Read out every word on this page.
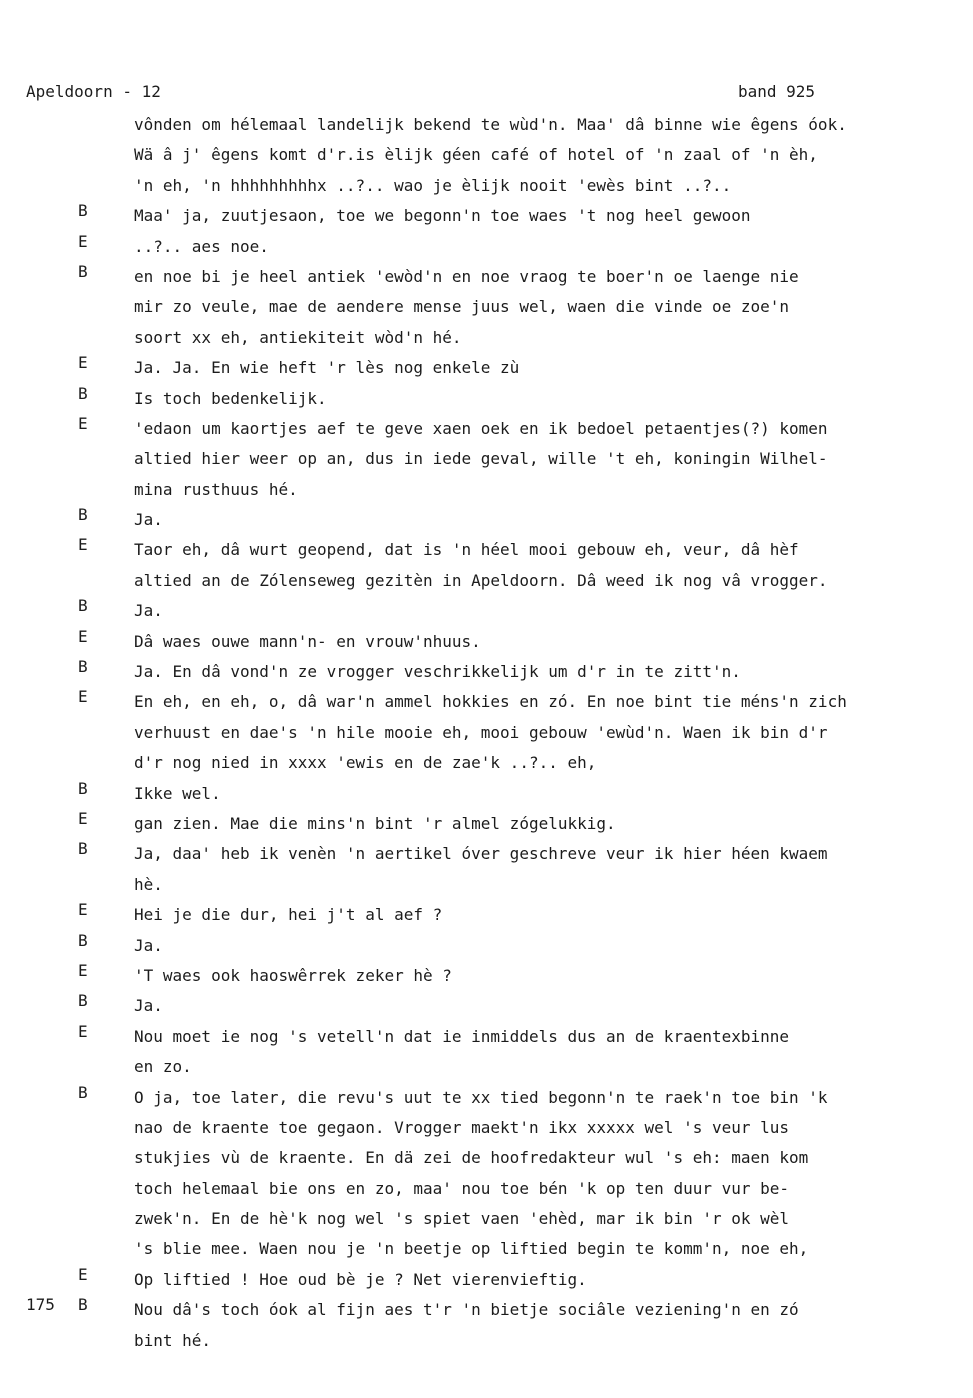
Apeldoorn - 12	band 925
vônden om hélemaal landelijk bekend te wùd'n. Maa' dâ binne wie êgens óok.
Wä â j' êgens komt d'r.is èlijk géen café of hotel of 'n zaal of 'n èh,
'n eh, 'n hhhhhhhhhx ..?.. wao je èlijk nooit 'ewès bint ..?..
B	Maa' ja, zuutjesaon, toe we begonn'n toe waes 't nog heel gewoon
E	..?.. aes noe.
B	en noe bi je heel antiek 'ewòd'n en noe vraog te boer'n oe laenge nie
mir zo veule, mae de aendere mense juus wel, waen die vinde oe zoe'n
soort xx eh, antiekiteit wòd'n hé.
E	Ja. Ja. En wie heft 'r lès nog enkele zù
B	Is toch bedenkelijk.
E	'edaon um kaortjes aef te geve xaen oek en ik bedoel petaentjes(?) komen
altied hier weer op an, dus in iede geval, wille 't eh, koningin Wilhel-
mina rusthuus hé.
B	Ja.
E	Taor eh, dâ wurt geopend, dat is 'n héel mooi gebouw eh, veur, dâ hèf
altied an de Zólenseweg gezitèn in Apeldoorn. Dâ weed ik nog vâ vrogger.
B	Ja.
E	Dâ waes ouwe mann'n- en vrouw'nhuus.
B	Ja. En dâ vond'n ze vrogger veschrikkelijk um d'r in te zitt'n.
E	En eh, en eh, o, dâ war'n ammel hokkies en zó. En noe bint tie méns'n zich
verhuust en dae's 'n hile mooie eh, mooi gebouw 'ewùd'n. Waen ik bin d'r
d'r nog nied in xxxx 'ewis en de zae'k ..?.. eh,
B	Ikke wel.
E	gan zien. Mae die mins'n bint 'r almel zógelukkig.
B	Ja, daa' heb ik venèn 'n aertikel óver geschreve veur ik hier héen kwaem
hè.
E	Hei je die dur, hei j't al aef ?
B	Ja.
E	'T waes ook haoswêrrek zeker hè ?
B	Ja.
E	Nou moet ie nog 's vetell'n dat ie inmiddels dus an de kraentexbinne
en zo.
B	O ja, toe later, die revu's uut te xx tied begonn'n te raek'n toe bin 'k
nao de kraente toe gegaon. Vrogger maekt'n ikx xxxxx wel 's veur lus
stukjies vù de kraente. En dä zei de hoofredakteur wul 's eh: maen kom
toch helemaal bie ons en zo, maa' nou toe bén 'k op ten duur vur be-
zwek'n. En de hè'k nog wel 's spiet vaen 'ehèd, mar ik bin 'r ok wèl
's blie mee. Waen nou je 'n beetje op liftied begin te komm'n, noe eh,
E	Op liftied ! Hoe oud bè je ? Net vierenvieftig.
175	B	Nou dâ's toch óok al fijn aes t'r 'n bietje sociâle veziening'n en zó
bint hé.
